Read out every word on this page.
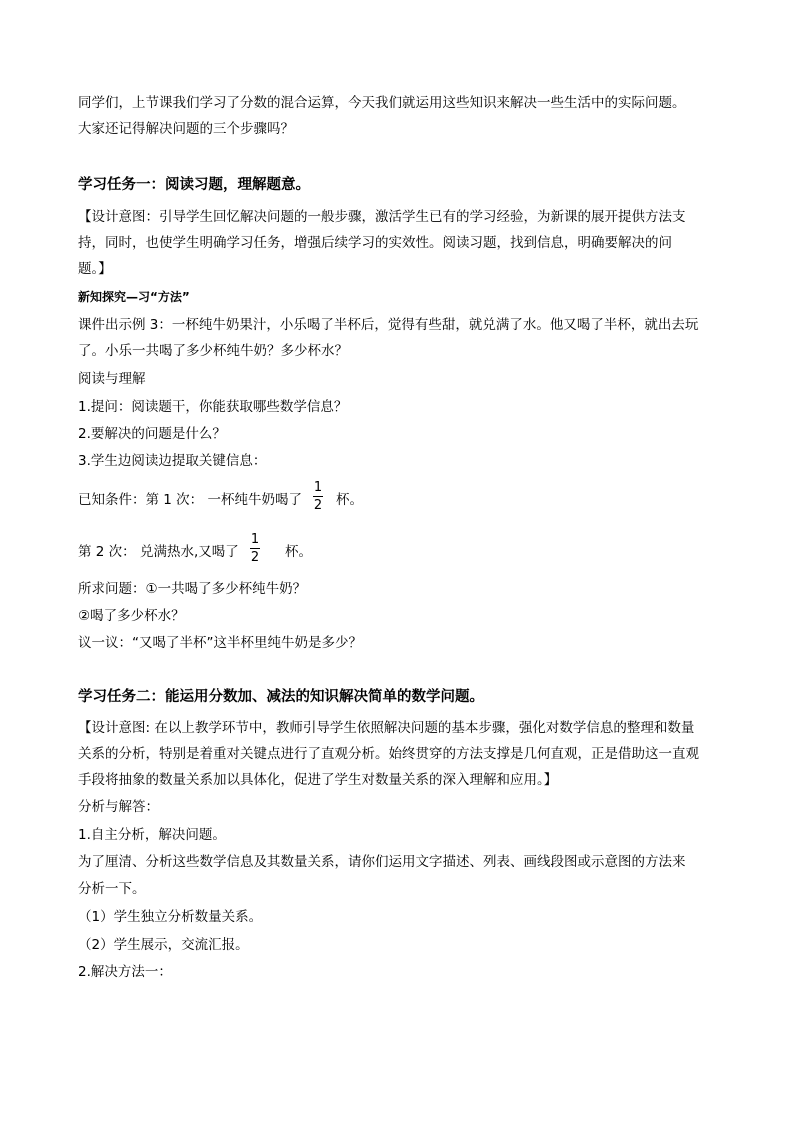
同学们，上节课我们学习了分数的混合运算，今天我们就运用这些知识来解决一些生活中的实际问题。
大家还记得解决问题的三个步骤吗？
学习任务一：阅读习题，理解题意。
【设计意图：引导学生回忆解决问题的一般步骤，激活学生已有的学习经验，为新课的展开提供方法支
持，同时，也使学生明确学习任务，增强后续学习的实效性。阅读习题，找到信息，明确要解决的问
题。】
新知探究—习“方法”
课件出示例 3：一杯纯牛奶果汁，小乐喝了半杯后，觉得有些甜，就兑满了水。他又喝了半杯，就出去玩
了。小乐一共喝了多少杯纯牛奶？多少杯水？
阅读与理解
1.提问：阅读题干，你能获取哪些数学信息？
2.要解决的问题是什么？
3.学生边阅读边提取关键信息：
已知条件：第 1 次： 一杯纯牛奶喝了
1
2 杯。
第 2 次： 兑满热水,又喝了
1
2 杯。
所求问题：①一共喝了多少杯纯牛奶？
②喝了多少杯水？
议一议：“又喝了半杯”这半杯里纯牛奶是多少？
学习任务二：能运用分数加、减法的知识解决简单的数学问题。
【设计意图: 在以上教学环节中，教师引导学生依照解决问题的基本步骤，强化对数学信息的整理和数量
关系的分析，特别是着重对关键点进行了直观分析。始终贯穿的方法支撑是几何直观，正是借助这一直观
手段将抽象的数量关系加以具体化，促进了学生对数量关系的深入理解和应用。】
分析与解答：
1.自主分析，解决问题。
为了厘清、分析这些数学信息及其数量关系，请你们运用文字描述、列表、画线段图或示意图的方法来
分析一下。
（1）学生独立分析数量关系。
（2）学生展示，交流汇报。
2.解决方法一：
